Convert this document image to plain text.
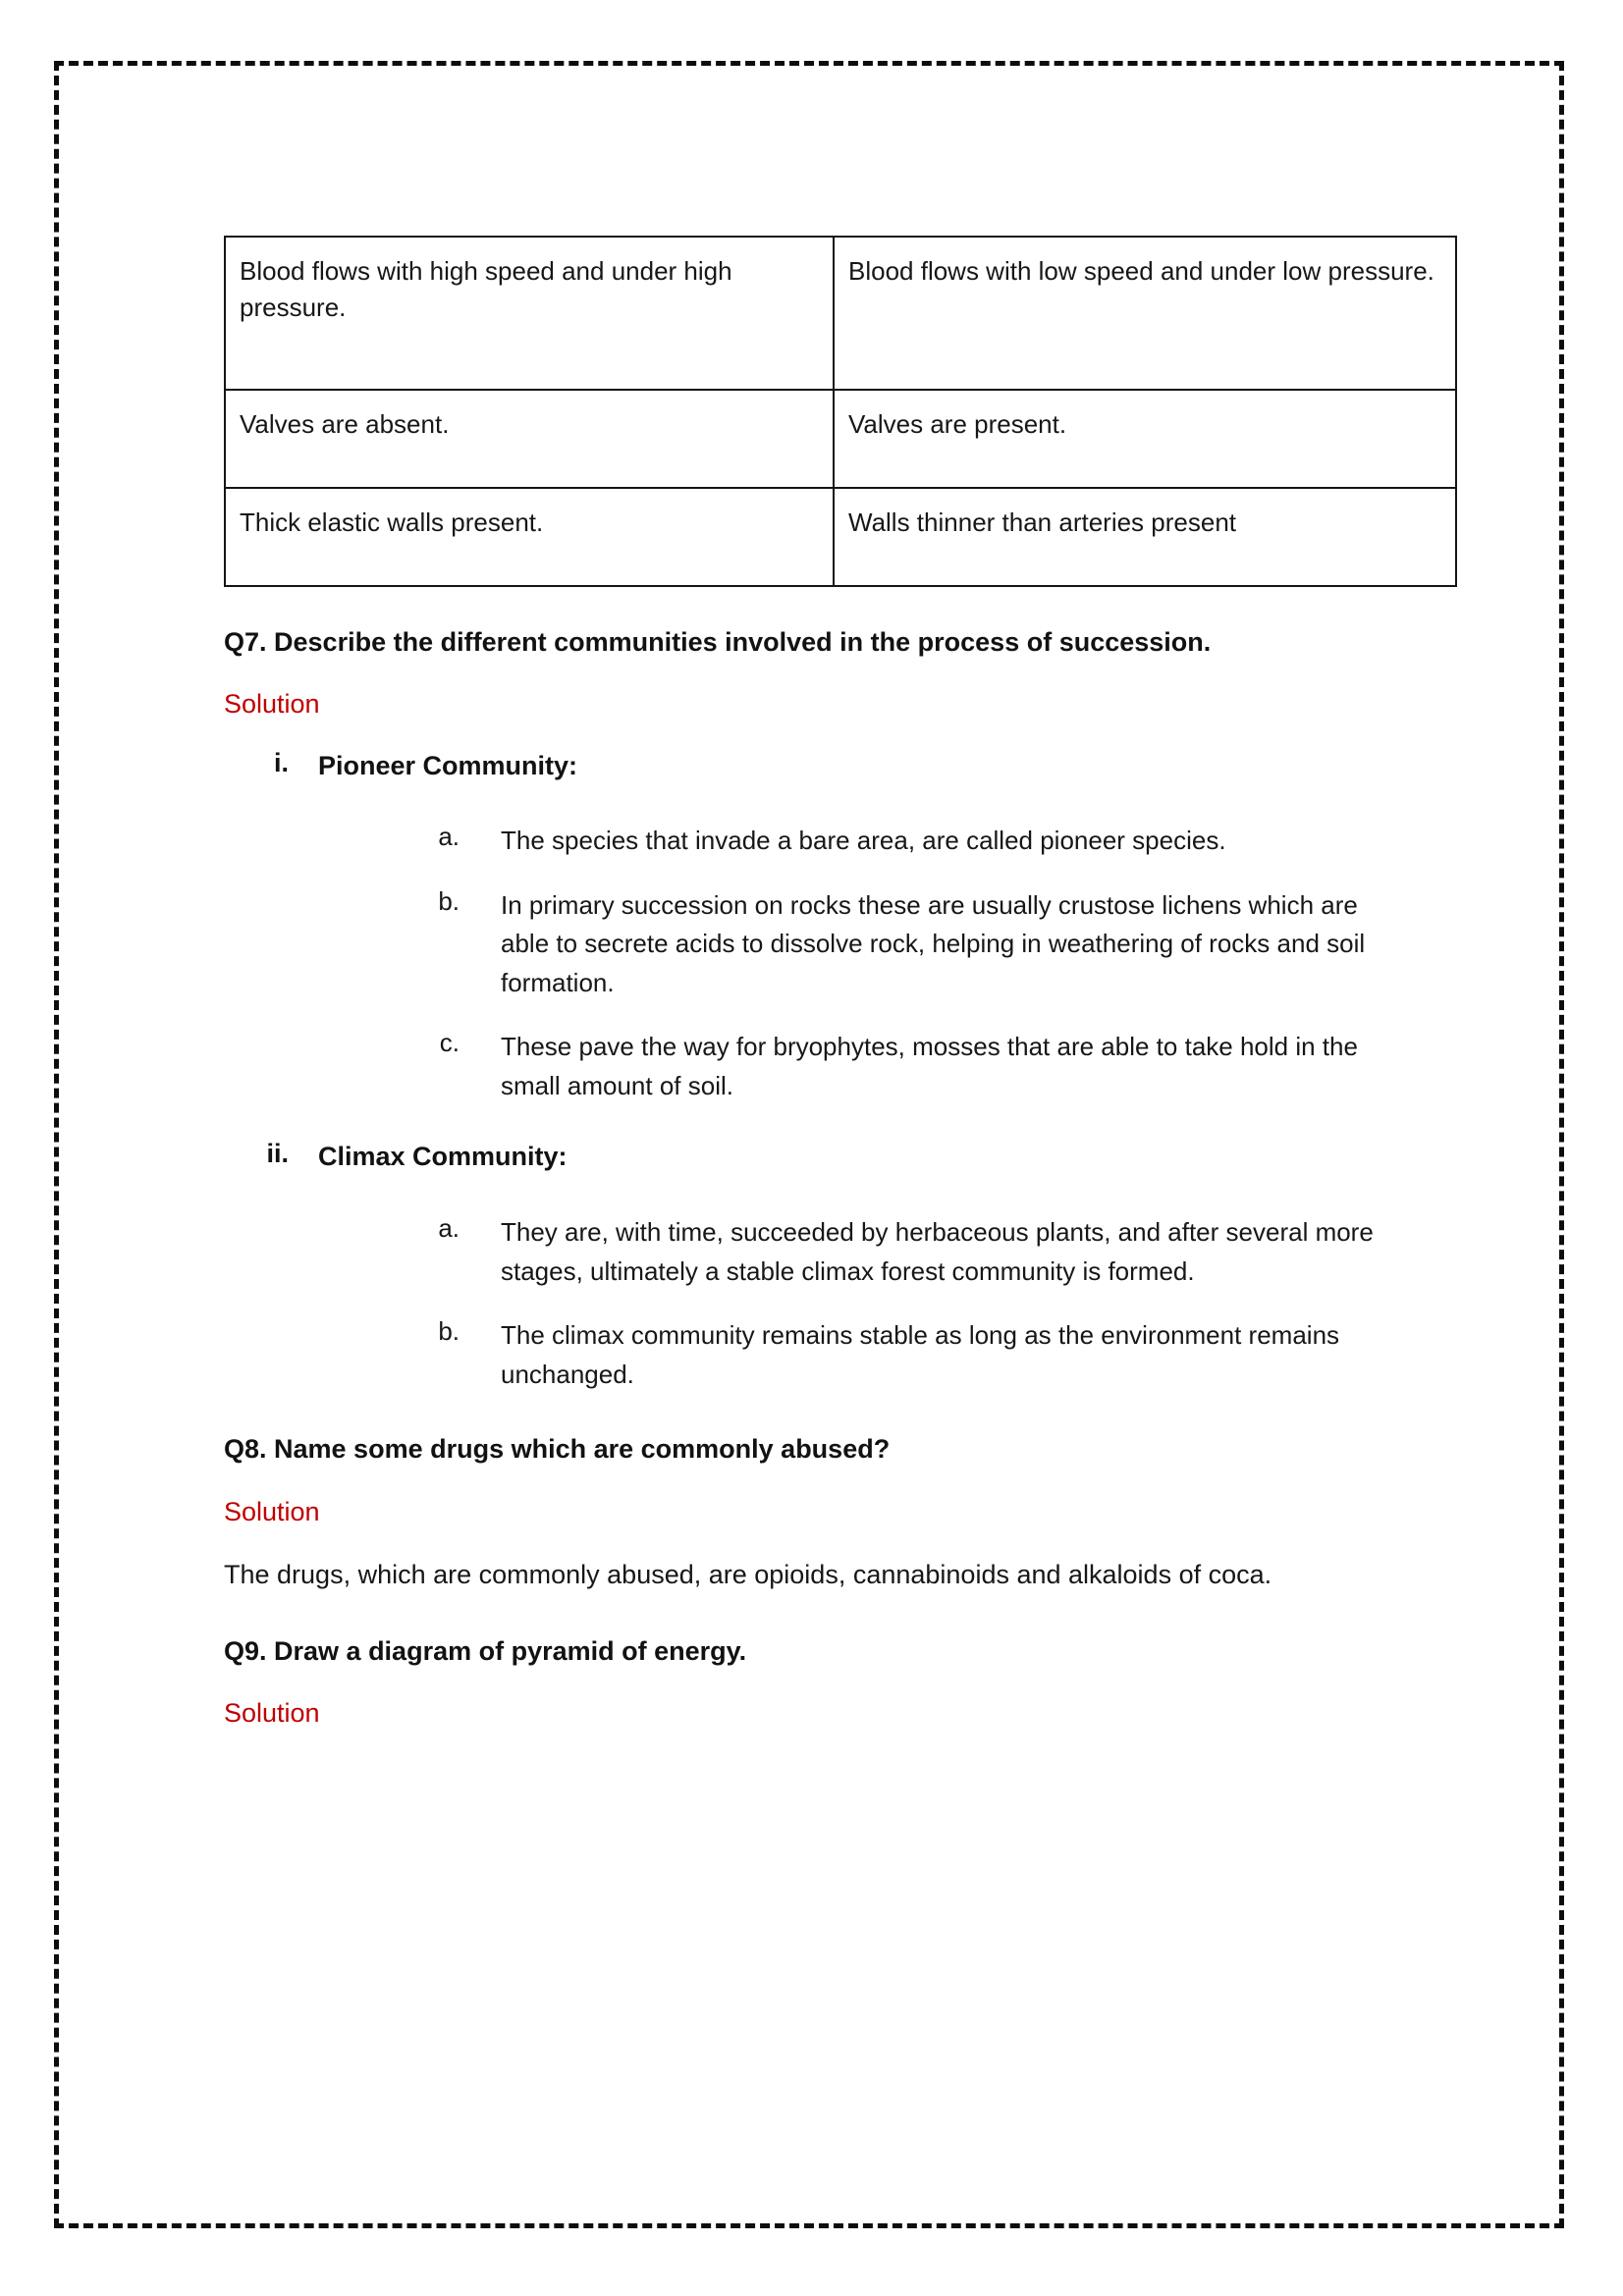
Blood flows with high speed and under high pressure.	Blood flows with low speed and under low pressure.
Valves are absent.	Valves are present.
Thick elastic walls present.	Walls thinner than arteries present
Q7. Describe the different communities involved in the process of succession.
Solution
i. Pioneer Community:
a. The species that invade a bare area, are called pioneer species.
b. In primary succession on rocks these are usually crustose lichens which are able to secrete acids to dissolve rock, helping in weathering of rocks and soil formation.
c. These pave the way for bryophytes, mosses that are able to take hold in the small amount of soil.
ii. Climax Community:
a. They are, with time, succeeded by herbaceous plants, and after several more stages, ultimately a stable climax forest community is formed.
b. The climax community remains stable as long as the environment remains unchanged.
Q8. Name some drugs which are commonly abused?
Solution
The drugs, which are commonly abused, are opioids, cannabinoids and alkaloids of coca.
Q9. Draw a diagram of pyramid of energy.
Solution
